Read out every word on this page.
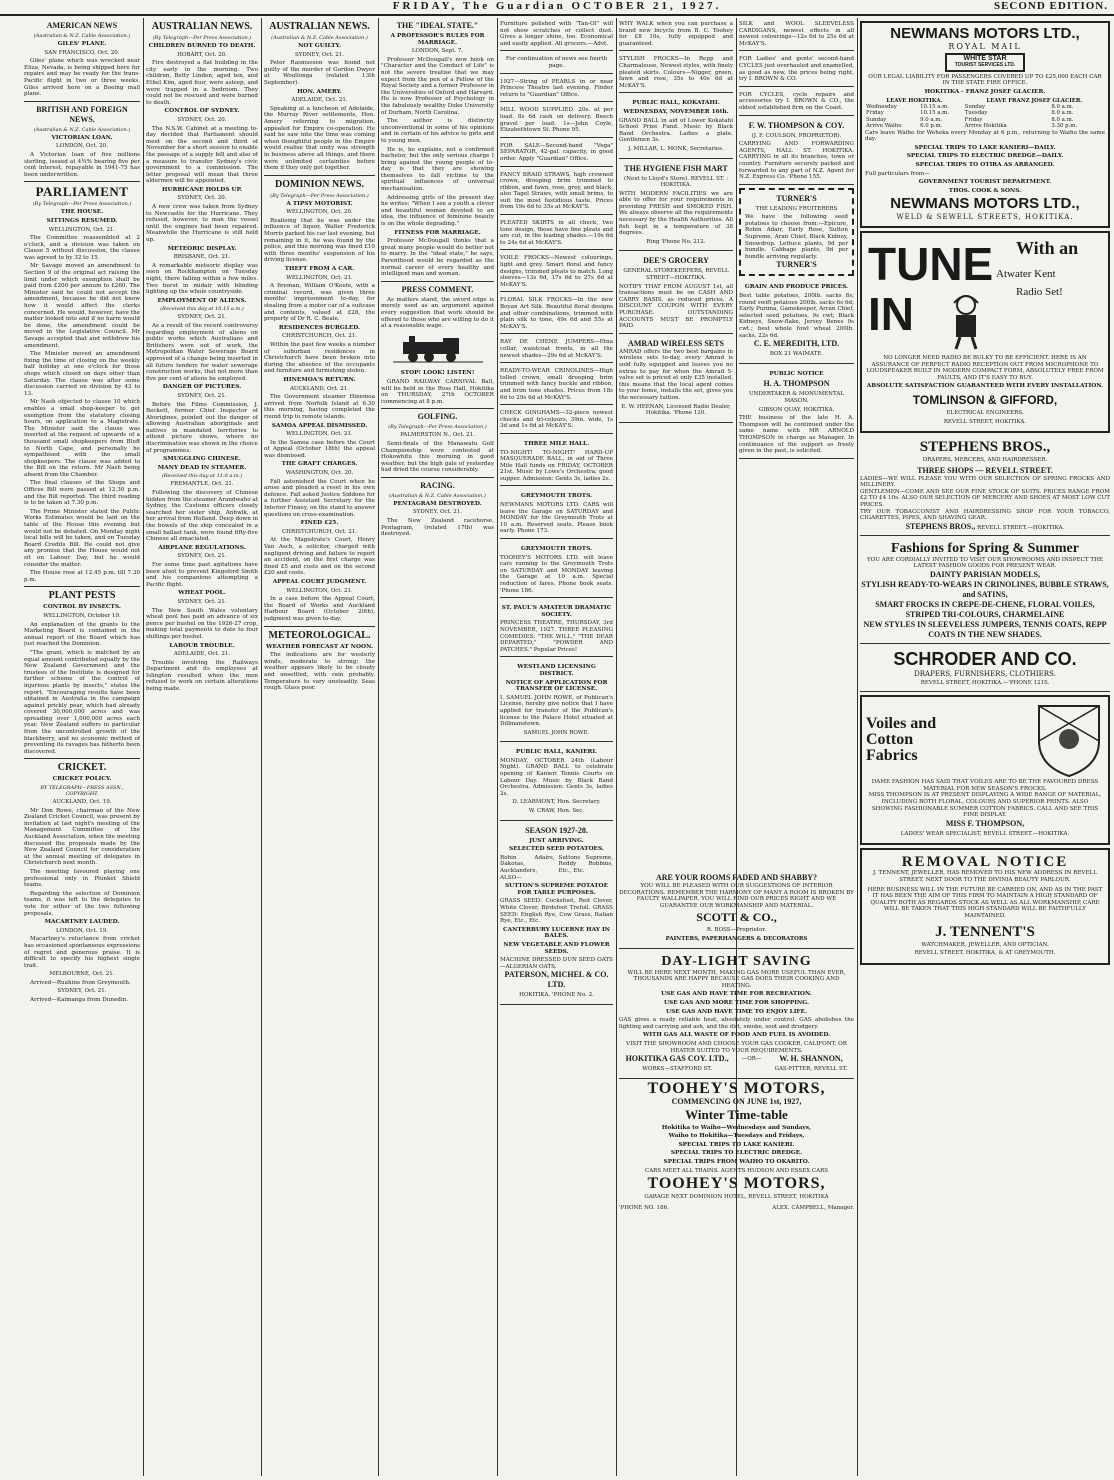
FRIDAY, The Guardian OCTOBER 21, 1927.	SECOND EDITION.
AMERICAN NEWS
(Australian & N.Z. Cable Association.)
GILES' PLANE.
SAN FRANCISCO, Oct. 20.

Giles' plane which was wrecked near Eliza, Nevada, is being shipped here for repairs and may be ready for the trans-Pacific flight in two or three weeks. Giles arrived here on a Boeing mail plane.

BRITISH AND FOREIGN NEWS.
(Australian & N.Z. Cable Association.)
VICTORIAN LOAN.
LONDON, Oct. 20.

A Victorian loan of five millions sterling, issued at 4¾% bearing five per cent interest, repayable in 1941-75 has been underwritten.

PARLIAMENT
(By Telegraph—Per Press Association.)
THE HOUSE.
SITTINGS RESUMED.
WELLINGTON, Oct. 21.

The Committee reassembled at 2 o'clock, and a division was taken on Clause 5 without discussion, the clause was agreed to by 32 to 15.

Mr Savage moved an amendment to Section 9 of the original act raising the limit under which exemption shall be paid from £200 per annum to £260. The Minister said he could not accept the amendment, because he did not know how it would affect the clerks concerned. He would, however, have the matter looked into and if no harm would be done, the amendment could be moved in the Legislative Council. Mr Savage accepted that and withdrew his amendment.

The Minister moved an amendment fixing the time of closing on the weekly half holiday at one o'clock for those shops which closed on days other than Saturday. The clause was after some discussion carried on division by 43 to 13.

Mr Nash objected to clause 10 which enables a small shop-keeper to get exemption from the statutory closing hours, on application to a Magistrate. The Minister said the clause was inserted at the request of upwards of a thousand small shopkeepers from Bluff to North Cape, and personally he sympathised with the small shopkeepers. The clause was added to the Bill on the return. Mr Nash being absent from the Chamber.

The final clauses of the Shops and Offices Bill were passed at 12.30 p.m. and the Bill reported. The third reading is to be taken at 7.30 p.m.

The Prime Minister stated the Public Works Estimates would be laid on the table of the House this evening but would not be debated. On Monday night local bills will be taken, and on Tuesday Board Credits Bill. He could not give any promise that the House would not sit on Labour Day, but he would consider the matter.

The House rose at 12.45 p.m. till 7.30 p.m.

PLANT PESTS
CONTROL BY INSECTS.
WELLINGTON, October 19.

An explanation of the grants to the Marketing Board is contained in the annual report of the Board which has just reached the Dominion.

"The grant, which is matched by an equal amount contributed equally by the New Zealand Government and the trustees of the Institute is designed for further scheme of the control of injurious plants by insects," states the report. "Encouraging results have been obtained in Australia in the campaign against prickly pear, which had already covered 30,000,000 acres and was spreading over 1,000,000 acres each year. New Zealand suffers in particular from the uncontrolled growth of the blackberry, and no economic method of preventing its ravages has hitherto been discovered.

CRICKET.
CRICKET POLICY.
BY TELEGRAPH—PRESS ASSN., COPYRIGHT.
AUCKLAND, Oct. 19.

Mr Don Rowe, chairman of the New Zealand Cricket Council, was present by invitation at last night's meeting of the Management Committee of the Auckland Association, when the meeting discussed the proposals made by the New Zealand Council for consideration at the annual meeting of delegates in Christchurch next month.

The meeting favoured playing one professional only in Plunket Shield teams.

Regarding the selection of Dominion teams, it was left to the delegates to vote for either of the two following proposals.

MACARTNEY LAUDED.
LONDON, Oct. 19.

Macartney's reluctance from cricket has occasioned spontaneous expressions of regret and generous praise. It is difficult to specify his highest single trait.

MELBOURNE, Oct. 21.

Arrived—Ruahine from Greymouth.

SYDNEY, Oct. 21.

Arrived—Kaimanga from Dunedin.

AUSTRALIAN NEWS.
(By Telegraph—Per Press Association.)
CHILDREN BURNED TO DEATH.
HOBART, Oct. 20.

Fire destroyed a flat building in the city early in the morning. Two children, Betty Linden, aged ten, and Ethel Kim, aged four, were asleep, and were trapped in a bedroom. They could not be rescued and were burned to death.

CONTROL OF SYDNEY.
SYDNEY, Oct. 20.

The N.S.W. Cabinet at a meeting to-day decided that Parliament should meet on the second and third of November for a short session to enable the passage of a supply bill and also of a measure to transfer Sydney's civic government to a commission. The letter proposal will mean that three aldermen will be appointed.

HURRICANE HOLDS UP.
SYDNEY, Oct. 20.

A new crew was taken from Sydney to Newcastle for the Hurricane. They refused, however, to man the vessel until the engines had been repaired. Meanwhile the Hurricane is still held up.

METEORIC DISPLAY.
BRISBANE, Oct. 21.

A remarkable meteoric display was seen on Rockhampton on Tuesday night, there falling within a few miles. Two burst in midair with blinding lighting up the whole countryside.

EMPLOYMENT OF ALIENS.
(Received this day at 10.15 a.m.)
SYDNEY, Oct. 21.

As a result of the recent controversy regarding employment of aliens on public works which Australians and Britishers were out of work, the Metropolitan Water Sewerage Board approved of a change being inserted in all future tenders for water sewerage construction works, that not more than five per cent of aliens be employed.

DANGER OF PICTURES.
SYDNEY, Oct. 21.

Before the Films Commission, J. Beckett, former Chief Inspector of Aborigines, pointed out the danger of allowing Australian aboriginals and natives in mandated territories to attend picture shows, where no discrimination was shown in the choice of programmes.

SMUGGLING CHINESE.
MANY DEAD IN STEAMER.
(Received this day at 11.0 a.m.)
FREMANTLE, Oct. 21.

Following the discovery of Chinese hidden from the steamer Arandwaho at Sydney, the Customs officers closely searched her sister ship, Anhwik, at her arrival from Holland. Deep down in the bowels of the ship concealed in a small ballast tank, were found fifty-five Chinese all emaciated.

AIRPLANE REGULATIONS.
SYDNEY, Oct. 21.

For some time past agitations have been afoot to prevent Kingsford Smith and his companions attempting a Pacific flight.

WHEAT POOL.
SYDNEY, Oct. 21.

The New South Wales voluntary wheat pool has paid an advance of six pence per bushel on the 1926-27 crop, making total payments to date to four shillings per bushel.

LABOUR TROUBLE.
ADELAIDE, Oct. 21.

Trouble involving the Railways Department and its employees at Islington resulted when the men refused to work on certain alterations being made.

AUSTRALIAN NEWS.
(Australian & N.Z. Cable Association.)
NOT GUILTY.
SYDNEY, Oct. 21.

Peter Rasmussen was found not guilty of the murder of Gordon Dwyer at Woollonga (related 13th September).

HON. AMERY.
ADELAIDE, Oct. 21.

Speaking at a luncheon of Adelaide, the Murray River settlements, Hon. Amery referring to migration, appealed for Empire co-operation. He said he saw into the time was coming when thoughtful people in the Empire would realise that unity was strength in business above all things, and there were unlimited certainties before them if they only got together.

DOMINION NEWS.
(By Telegraph—Per Press Association.)
A TIPSY MOTORIST.
WELLINGTON, Oct. 20.

Realising that he was under the influence of liquor, Walter Frederick Morris parked his car last evening, but remaining in it, he was found by the police, and this morning was fined £10 with three months' suspension of his driving license.

THEFT FROM A CAR.
WELLINGTON, Oct. 21.

A fireman, William O'Keefe, with a criminal record, was given three months' imprisonment to-day, for stealing from a motor car of a suitcase and contents, valued at £28, the property of Dr R. C. Beale.

RESIDENCES BURGLED.
CHRISTCHURCH, Oct. 21.

Within the past few weeks a number of suburban residences in Christchurch have been broken into during the absence of the occupants and furniture and furnishing stolen.

HINEMOA'S RETURN.
AUCKLAND, Oct. 21.

The Government steamer Hinemoa arrived from Norfolk Island at 6.30 this morning, having completed the round trip to remote islands.

SAMOA APPEAL DISMISSED.
WELLINGTON, Oct. 21.

In the Samoa case before the Court of Appeal (October 18th) the appeal was dismissed.

THE GRAFT CHARGES.
WASHINGTON, Oct. 20.

Fall astonished the Court when he arose and pleaded a reset in his own defence. Fall asked Justice Siddons for a further Assistant Secretary for the Interior Finney, on the stand to answer questions on cross-examination.

FINED £25.
CHRISTCHURCH, Oct. 21.

At the Magistrate's Court, Henry Van Asch, a solicitor, charged with negligent driving and failure to report an accident, on the first charge was fined £5 and costs and on the second £20 and costs.

APPEAL COURT JUDGMENT.
WELLINGTON, Oct. 21.

In a case before the Appeal Court, the Board of Works and Auckland Harbour Board (October 20th), judgment was given to-day.

METEOROLOGICAL.
WEATHER FORECAST AT NOON.

The indications are for westerly winds, moderate to strong; the weather appears likely to be cloudy and unsettled, with rain probably. Temperature to vary unsteadily. Seas rough. Glass poor.

THE "IDEAL STATE."
A PROFESSOR'S RULES FOR MARRIAGE.
LONDON, Sept. 7.

Professor McDougall's new book on "Character and the Conduct of Life" is not the severe treatise that we may expect from the pen of a Fellow of the Royal Society and a former Professor in the Universities of Oxford and Harvard. He is now Professor of Psychology in the fabulously wealthy Duke University of Durham, North Carolina.

The author is distinctly unconventional in some of his opinions and in certain of his advice to girls and to young men.

He is, he explains, not a confirmed bachelor, but the only serious charge I bring against the young people of to-day is that they are showing themselves to fall victims to the spiritual influences of universal mechanisation.

Addressing girls of the present day he writes: "When I see a youth a clever and beautiful woman devoted to an idea, the influence of feminine beauty is on the whole degrading."

FITNESS FOR MARRIAGE.

Professor McDougall thinks that a great many people would do better not to marry. In the "ideal state," he says, Parenthood would be regarded as the normal career of every healthy and intelligent man and woman.

PRESS COMMENT.

As matters stand, the sword edge is merely used as an argument against every suggestion that work should be offered to those who are willing to do it at a reasonable wage.

STOP! LOOK! LISTEN!

GRAND RAILWAY CARNIVAL Ball, will be held in the Ross Hall, Hokitika on THURSDAY, 27th OCTOBER commencing at 8 p.m.

GOLFING.
(By Telegraph—Per Press Association.)
PALMERSTON N., Oct. 21.

Semi-finals of the Manawatu Golf Championship were contested at Hokowhitu this morning in good weather, but the high gale of yesterday had dried the course considerably.

RACING.
(Australian & N.Z. Cable Association.)
PENTAGRAM DESTROYED.
SYDNEY, Oct. 21.

The New Zealand racehorse, Pentagram, (related 17th) was destroyed.

Furniture polished with "Tan-Ol" will not show scratches or collect dust. Gives a longer shine, too. Economical and easily applied. All grocers.—Advt.
For continuation of news see fourth page.
1927—String of PEARLS in or near Princess Theatre last evening. Finder return to "Guardian" Office.
MILL WOOD SUPPLIED. 20s. at per load. 8s 6d cash on delivery. Beech gravel per load. 1s—John Coyle, Elizabethtown St. Phone 95.
FOR SALE—Second-hand "Vega" SEPARATOR, 42-gal. capacity, in good order. Apply "Guardian" Office.
FANCY BRAID STRAWS, high crowned crown, drooping brim trimmed to ribbon, and fawn, rose, grey, and black, also Tagel Straws, with small brims, to suit the most fastidious taste. Prices from 19s 6d to 35s at McKAY'S.
PLEATED SKIRTS in all check, two tone design, those have fine pleats and are cut, in the leading shades.—19s 6d to 24s 6d at McKAY'S.
VOILE FROCKS—Newest colourings, light and grey. Smart floral and fancy designs, trimmed pleats to match. Long sleeves—13s 6d, 17s 6d to 27s 6d at McKAY'S.
FLORAL SILK FROCKS—In the new Boyan Art Silk. Beautiful floral designs and other combinations, trimmed with plain silk to tone, 49s 6d and 55s at McKAY'S.
RAY DE CHENE JUMPERS—Etna collar, waistcoat fronts, in all the newest shades—29s 6d at McKAY'S.
READY-TO-WEAR CRINOLINES—High tolled crown, small drooping brim trimmed with fancy buckle and ribbon, and brim tone shades. Prices from 18s 6d to 29s 6d at McKAY'S.
CHECK GINGHAMS—32-piece newest checks and tri-colours, 39in. wide, 1s 3d and 1s 6d at McKAY'S.
THREE MILE HALL.
TO-NIGHT! TO-NIGHT! HARD-UP MASQUERADE BALL, in aid of Three Mile Hall funds on FRIDAY, OCTOBER 21st. Music by Lowe's Orchestra; good supper. Admission: Gents 3s, ladies 2s.
GREYMOUTH TROTS.
NEWMANS MOTORS LTD. CARS will leave the Garage on SATURDAY and MONDAY for the Greymouth Trots at 10 a.m. Reserved seats. Please book early. Phone 173.
GREYMOUTH TROTS.
TOOHEY'S MOTORS LTD. will leave cars running to the Greymouth Trots on SATURDAY and MONDAY leaving the Garage at 10 a.m. Special reduction of fares. Phone book seats. 'Phone 186.
ST. PAUL'S AMATEUR DRAMATIC SOCIETY.
PRINCESS THEATRE, THURSDAY, 3rd NOVEMBER, 1927. THREE PLEASING COMEDIES: "THE WILL," "THE DEAR DEPARTED," "POWDER AND PATCHES." Popular Prices!
WESTLAND LICENSING DISTRICT.
NOTICE OF APPLICATION FOR TRANSFER OF LICENSE.
I, SAMUEL JOHN ROWE, of Publican's License, hereby give notice that I have applied for transfer of the Publican's license to the Palace Hotel situated at Dillmanstown.
SAMUEL JOHN ROWE.
PUBLIC HALL, KANIERI.
MONDAY, OCTOBER 24th (Labour Night). GRAND BALL to celebrate opening of Kanieri Tennis Courts on Labour Day. Music by Black Band Orchestra. Admission: Gents 3s, ladies 2s.
D. LEARMONT, Hon. Secretary.
W. CRAW, Hon. Sec.
SEASON 1927-28.
JUST ARRIVING.
SELECTED SEED POTATOES.
Robin Adairs, Dakotas, Aucklanders, ALSO—
Suttons Supreme, Reddy Robbins, Etc., Etc.
SUTTON'S SUPREME POTATOE FOR TABLE PURPOSES.
GRASS SEED: Cocksfoot, Red Clover, White Clover, Birdsfoot Trefoil. GRASS SEED: English Rye, Cow Grass, Italian Rye, Etc., Etc.
CANTERBURY LUCERNE HAY IN BALES.
NEW VEGETABLE AND FLOWER SEEDS.
MACHINE DRESSED DUN SEED OATS—ALGERIAN OATS.
PATERSON, MICHEL & CO. LTD.
HOKITIKA. 'PHONE No. 2.
WHY WALK when you can purchase a brand new bicycle from B. C. Toohey for £8 10s, fully equipped and guaranteed.
STYLISH FROCKS—In Repp and Charmaleuse, Newest styles, with finely pleated skirts. Colours—Nigger, green, fawn and rose, 35s to 40s 6d at McKAY'S.
PUBLIC HALL, KOKATAHI.
WEDNESDAY, NOVEMBER 16th.
GRAND BALL in aid of Lower Kokatahi School Prize Fund. Music by Black Band Orchestra. Ladies a plate. Gentlemen 3s.
J. MILLAR, L. MONK, Secretaries.
THE HYGIENE FISH MART
(Next to Lloyd's Store). REVELL ST. : HOKITIKA.
WITH MODERN FACILITIES we are able to offer for your requirements in providing FRESH and SMOKED FISH. We always observe all the requirements necessary by the Health Authorities. All fish kept in a temperature of 38 degrees.
Ring 'Phone No. 212.
DEE'S GROCERY
GENERAL STOREKEEPERS, REVELL STREET—HOKITIKA.
NOTIFY THAT FROM AUGUST 1st, all transactions must be on CASH AND CARRY BASIS, as reduced prices. A DISCOUNT COUPON WITH EVERY PURCHASE. OUTSTANDING ACCOUNTS MUST BE PROMPTLY PAID.
AMRAD WIRELESS SETS
AMRAD offers the two best bargains in wireless sets to-day, every Amrad is sold fully equipped and leaves you no extras to pay for when the Amrad 5-valve set is priced at only £35 installed, this means that the local agent comes to your home, installs the set, gives you the necessary tuition.
E. W. HEENAN, Licensed Radio Dealer, Hokitika. 'Phone 120.
SILK and WOOL SLEEVELESS CARDIGANS, newest effects in all newest colourings—12s 6d to 25s 6d at McKAY'S.
FOR Ladies' and gents' second-hand CYCLES just overhauled and enamelled, as good as new, the prices being right, try I. BROWN & CO.
FOR CYCLES, cycle repairs and accessories try I. BROWN & CO., the oldest established firm on the Coast.
F. W. THOMPSON & COY.
(J. F. COULSON, PROPRIETOR).
CARRYING AND FORWARDING AGENTS, HALL ST. HOKITIKA. CARRYING in all its branches, town or country. Furniture securely packed and forwarded to any part of N.Z. Agent for N.Z. Express Co. 'Phone 155.
TURNER'S
THE LEADING FRUITERERS
We have the following seed potatoes to choose from:—Epicure, Robin Adair, Early Rose, Sutton Supreme, Aran Chief, Black Kidney, Snowdrop. Lettuce plants, 9d per bundle. Cabbage plants, 9d per bundle arriving regularly.
TURNER'S
GRAIN AND PRODUCE PRICES.
Best table potatoes, 200lb. sacks 8s; round swift potatoes 200lb. sacks 6s 6d; Early Purima, Gamekeeper, Arran Chief, selected seed potatoes, 9s cwt; Black Kidneys, Snow-flake, Jersey Benes 9s cwt.; best whole fowl wheat 200lb. sacks, 22s 6d.
C. E. MEREDITH, LTD.
BOX 21 WAIMATE.
PUBLIC NOTICE
H. A. THOMPSON
UNDERTAKER & MONUMENTAL MASON.
GIBSON QUAY, HOKITIKA.
THE business of the late H. A. Thompson will be continued under the same name with MR ARNOLD THOMPSON in charge as Manager. In continuance of the support so freely given in the past, is solicited.
NEWMANS MOTORS LTD.,
ROYAL MAIL
WHITE STAR
TOURIST SERVICES LTD.
OUR LEGAL LIABILITY FOR PASSENGERS COVERED UP TO £25,000 EACH CAR IN THE STATE FIRE OFFICE.
HOKITIKA - FRANZ JOSEF GLACIER.
LEAVE HOKITIKA.		LEAVE FRANZ JOSEF GLACIER.	
Wednesday	10.15 a.m.	Sunday	8.0 a.m.
Friday	10.15 a.m.	Tuesday	8.0 a.m.
Sunday	9.0 a.m.	Friday	8.0 a.m.
Arrive Waiho	6.0 p.m.	Arrive Hokitika	3.30 p.m.
Cars leave Waiho for Weheka every Monday at 6 p.m., returning to Waiho the same day.
SPECIAL TRIPS TO LAKE KANIERI—DAILY.
SPECIAL TRIPS TO ELECTRIC DREDGE—DAILY.
SPECIAL TRIPS TO OTIRA AS ARRANGED.
Full particulars from—
GOVERNMENT TOURIST DEPARTMENT.
THOS. COOK & SONS.
NEWMANS MOTORS LTD.,
WELD & SEWELL STREETS, HOKITIKA.
TUNE
IN
With an
Atwater Kent
Radio Set!
NO LONGER NEED RADIO BE BULKY TO BE EFFICIENT. HERE IS AN ASSURANCE OF PERFECT RADIO RECEPTION OUT FROM MICROPHONE TO LOUDSPEAKER BUILT IN MODERN COMPACT FORM, ABSOLUTELY FREE FROM FAULTS, AND IT'S EASY TO BUY.
ABSOLUTE SATISFACTION GUARANTEED WITH EVERY INSTALLATION.
TOMLINSON & GIFFORD,
ELECTRICAL ENGINEERS.
REVELL STREET, HOKITIKA.
STEPHENS BROS.,
DRAPERS, MERCERS, AND HAIRDRESSER.
THREE SHOPS — REVELL STREET.
LADIES—WE WILL PLEASE YOU WITH OUR SELECTION OF SPRING FROCKS AND MILLINERY.
GENTLEMEN—COME AND SEE OUR FINE STOCK OF SUITS. PRICES RANGE FROM £2 TO £4 10s. ALSO OUR SELECTION OF MERCERY AND SHOES AT MOST LOW CUT PRICES.
TRY OUR TOBACCONIST AND HAIRDRESSING SHOP FOR YOUR TOBACCO, CIGARETTES, PIPES, AND SHAVING GEAR.
STEPHENS BROS., REVELL STREET.—HOKITIKA.
Fashions for Spring & Summer
YOU ARE CORDIALLY INVITED TO VISIT OUR SHOWROOMS AND INSPECT THE LATEST FASHION GOODS FOR PRESENT WEAR.
DAINTY PARISIAN MODELS,
STYLISH READY-TO-WEARS IN CRINOLINES, BUBBLE STRAWS, and SATINS,
SMART FROCKS IN CREPE-DE-CHENE, FLORAL VOILES, STRIPED TRI-COLOURS, CHARMELAINE
NEW STYLES IN SLEEVELESS JUMPERS, TENNIS COATS, REPP COATS IN THE NEW SHADES.
SCHRODER AND CO.
DRAPERS, FURNISHERS, CLOTHIERS.
REVELL STREET, HOKITIKA.—'PHONE 121S.
Voiles and
Cotton
Fabrics
DAME FASHION HAS SAID THAT VOILES ARE TO BE THE FAVOURED DRESS MATERIAL FOR NEW SEASON'S FROCKS.
MISS THOMPSON IS AT PRESENT DISPLAYING A WIDE RANGE OF MATERIAL, INCLUDING BOTH FLORAL, COLOURS AND SUPERIOR PRINTS. ALSO SHOWING FASHIONABLE SUMMER COTTON FABRICS. CALL AND SEE THIS FINE DISPLAY.
MISS F. THOMPSON,
LADIES' WEAR SPECIALIST, REVELL STREET.—HOKITIKA.
REMOVAL NOTICE
J. TENNENT, JEWELLER, HAS REMOVED TO HIS NEW ADDRESS IN REVELL STREET, NEXT DOOR TO THE DIVINIA BEAUTY PARLOUR.
HERE BUSINESS WILL IN THE FUTURE BE CARRIED ON, AND AS IN THE PAST IT HAS BEEN THE AIM OF THIS FIRM TO MAINTAIN A HIGH STANDARD OF QUALITY BOTH AS REGARDS STOCK AS WELL AS ALL WORKMANSHIP, CARE WILL BE TAKEN THAT THIS HIGH STANDARD WILL BE FAITHFULLY MAINTAINED.
J. TENNENT'S
WATCHMAKER, JEWELLER, AND OPTICIAN.
REVELL STREET, HOKITIKA, & AT GREYMOUTH.
ARE YOUR ROOMS FADED AND SHABBY?
YOU WILL BE PLEASED WITH OUR SUGGESTIONS OF INTERIOR DECORATIONS. REMEMBER THE HARMONY OF MANY A ROOM IS BROKEN BY FAULTY WALLPAPER. YOU WILL FIND OUR PRICES RIGHT AND WE GUARANTEE OUR WORKMANSHIP AND MATERIAL.
SCOTT & CO.,
R. BOSS—Proprietor.
PAINTERS, PAPERHANGERS & DECORATORS
DAY-LIGHT SAVING
WILL BE HERE NEXT MONTH, MAKING GAS MORE USEFUL THAN EVER, THOUSANDS ARE HAPPY BECAUSE GAS DOES THEIR COOKING AND HEATING.
USE GAS AND HAVE TIME FOR RECREATION.
USE GAS AND MORE TIME FOR SHOPPING.
USE GAS AND HAVE TIME TO ENJOY LIFE.
GAS gives a ready reliable heat, absolutely under control. GAS abolishes the lighting and carrying and ash, and the dirt, smoke, soot and drudgery.
WITH GAS ALL WASTE OF FOOD AND FUEL IS AVOIDED.
VISIT THE SHOWROOM AND CHOOSE YOUR GAS COOKER, CALIFONT, OR HEATER SUITED TO YOUR REQUIREMENTS.
HOKITIKA GAS COY. LTD.,
WORKS—STAFFORD ST.
—OR—	W. H. SHANNON,
GAS-FITTER, REVELL ST.
TOOHEY'S MOTORS,
COMMENCING ON JUNE 1st, 1927,
Winter Time-table
Hokitika to Waiho—Wednesdays and Sundays,
Waiho to Hokitika—Tuesdays and Fridays,
SPECIAL TRIPS TO LAKE KANIERI.
SPECIAL TRIPS TO ELECTRIC DREDGE.
SPECIAL TRIPS FROM WAIHO TO OKARITO.
CARS MEET ALL TRAINS. AGENTS HUDSON AND ESSEX CARS
TOOHEY'S MOTORS,
GARAGE NEXT DOMINION HOTEL, REVELL STREET, HOKITIKA
'PHONE NO. 186.	ALEX. CAMPBELL, Manager.
